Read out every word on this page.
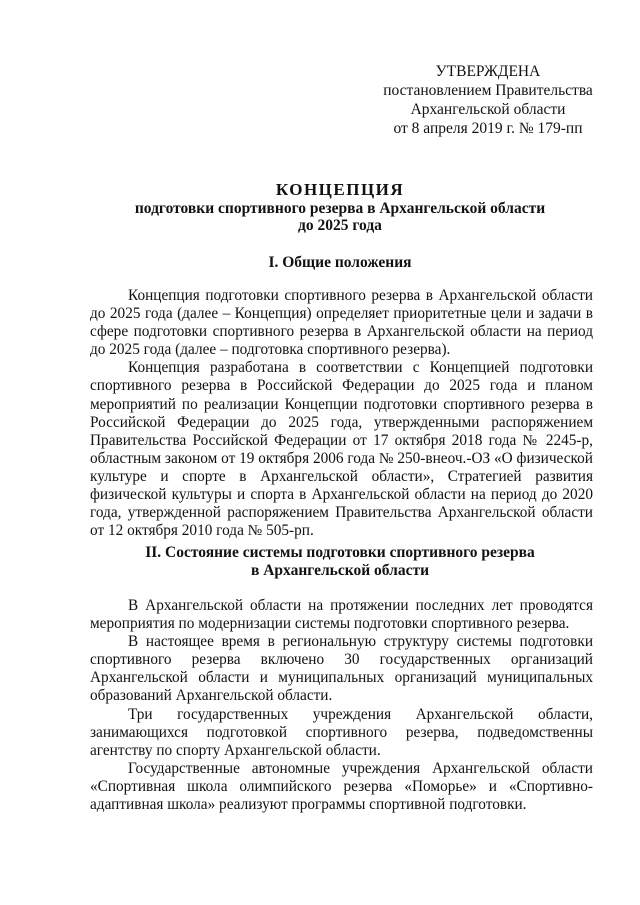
УТВЕРЖДЕНА
постановлением Правительства
Архангельской области
от 8 апреля 2019 г. № 179-пп
КОНЦЕПЦИЯ
подготовки спортивного резерва в Архангельской области
до 2025 года
I. Общие положения

Концепция подготовки спортивного резерва в Архангельской области до 2025 года (далее – Концепция) определяет приоритетные цели и задачи в сфере подготовки спортивного резерва в Архангельской области на период до 2025 года (далее – подготовка спортивного резерва).

Концепция разработана в соответствии с Концепцией подготовки спортивного резерва в Российской Федерации до 2025 года и планом мероприятий по реализации Концепции подготовки спортивного резерва в Российской Федерации до 2025 года, утвержденными распоряжением Правительства Российской Федерации от 17 октября 2018 года № 2245-р, областным законом от 19 октября 2006 года № 250-внеоч.-ОЗ «О физической культуре и спорте в Архангельской области», Стратегией развития физической культуры и спорта в Архангельской области на период до 2020 года, утвержденной распоряжением Правительства Архангельской области от 12 октября 2010 года № 505-рп.

II. Состояние системы подготовки спортивного резерва
в Архангельской области

В Архангельской области на протяжении последних лет проводятся мероприятия по модернизации системы подготовки спортивного резерва.

В настоящее время в региональную структуру системы подготовки спортивного резерва включено 30 государственных организаций Архангельской области и муниципальных организаций муниципальных образований Архангельской области.

Три государственных учреждения Архангельской области, занимающихся подготовкой спортивного резерва, подведомственны агентству по спорту Архангельской области.

Государственные автономные учреждения Архангельской области «Спортивная школа олимпийского резерва «Поморье» и «Спортивно-адаптивная школа» реализуют программы спортивной подготовки.
